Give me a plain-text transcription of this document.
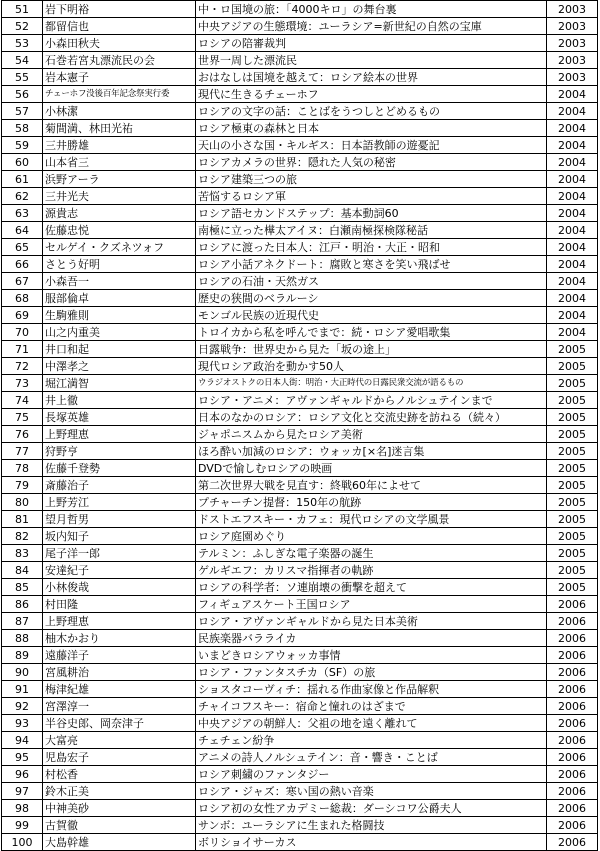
51	岩下明裕	中・ロ国境の旅：「4000キロ」の舞台裏	2003
52	都留信也	中央アジアの生態環境：ユーラシア=新世紀の自然の宝庫	2003
53	小森田秋夫	ロシアの陪審裁判	2003
54	石巻若宮丸漂流民の会	世界一周した漂流民	2003
55	岩本憲子	おはなしは国境を越えて：ロシア絵本の世界	2003
56	チェーホフ没後百年記念祭実行委	現代に生きるチェーホフ	2004
57	小林潔	ロシアの文字の話：ことばをうつしとどめるもの	2004
58	菊間満、林田光祐	ロシア極東の森林と日本	2004
59	三井勝雄	天山の小さな国・キルギス：日本語教師の遊憂記	2004
60	山本省三	ロシアカメラの世界：隠れた人気の秘密	2004
61	浜野アーラ	ロシア建築三つの旅	2004
62	三井光夫	苦悩するロシア軍	2004
63	源貴志	ロシア語セカンドステップ：基本動詞60	2004
64	佐藤忠悦	南極に立った樺太アイヌ：白瀬南極探検隊秘話	2004
65	セルゲイ・クズネツォフ	ロシアに渡った日本人：江戸・明治・大正・昭和	2004
66	さとう好明	ロシア小話アネクドート：腐敗と寒さを笑い飛ばせ	2004
67	小森吾一	ロシアの石油・天然ガス	2004
68	服部倫卓	歴史の狭間のベラルーシ	2004
69	生駒雅則	モンゴル民族の近現代史	2004
70	山之内重美	トロイカから私を呼んでまで：続・ロシア愛唱歌集	2004
71	井口和起	日露戦争：世界史から見た「坂の途上」	2005
72	中澤孝之	現代ロシア政治を動かす50人	2005
73	堀江満智	ウラジオストクの日本人街：明治・大正時代の日露民衆交流が語るもの	2005
74	井上徹	ロシア・アニメ：アヴァンギャルドからノルシュテインまで	2005
75	長塚英雄	日本のなかのロシア：ロシア文化と交流史跡を訪ねる（続々）	2005
76	上野理恵	ジャポニスムから見たロシア美術	2005
77	狩野亨	ほろ酔い加減のロシア：ウォッカ[×名]迷言集	2005
78	佐藤千登勢	DVDで愉しむロシアの映画	2005
79	斎藤治子	第二次世界大戦を見直す：終戦60年によせて	2005
80	上野芳江	プチャーチン提督：150年の航跡	2005
81	望月哲男	ドストエフスキー・カフェ：現代ロシアの文学風景	2005
82	坂内知子	ロシア庭園めぐり	2005
83	尾子洋一郎	テルミン：ふしぎな電子楽器の誕生	2005
84	安達紀子	ゲルギエフ：カリスマ指揮者の軌跡	2005
85	小林俊哉	ロシアの科学者：ソ連崩壊の衝撃を超えて	2005
86	村田隆	フィギュアスケート王国ロシア	2006
87	上野理恵	ロシア・アヴァンギャルドから見た日本美術	2006
88	柚木かおり	民族楽器バラライカ	2006
89	遠藤洋子	いまどきロシアウォッカ事情	2006
90	宮風耕治	ロシア・ファンタスチカ（SF）の旅	2006
91	梅津紀雄	ショスタコーヴィチ：揺れる作曲家像と作品解釈	2006
92	宮澤淳一	チャイコフスキー：宿命と憧れのはざまで	2006
93	半谷史郎、岡奈津子	中央アジアの朝鮮人：父祖の地を遠く離れて	2006
94	大富亮	チェチェン紛争	2006
95	児島宏子	アニメの詩人ノルシュテイン：音・響き・ことば	2006
96	村松香	ロシア刺繍のファンタジー	2006
97	鈴木正美	ロシア・ジャズ：寒い国の熱い音楽	2006
98	中神美砂	ロシア初の女性アカデミー総裁：ダーシコワ公爵夫人	2006
99	古賀徹	サンボ：ユーラシアに生まれた格闘技	2006
100	大島幹雄	ボリショイサーカス	2006
